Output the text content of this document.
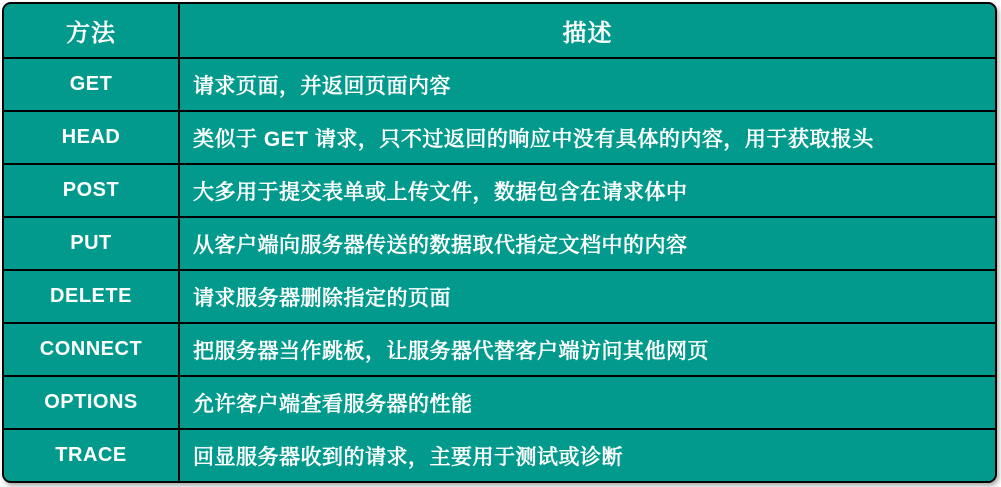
方法	描述
GET	请求页面，并返回页面内容
HEAD	类似于 GET 请求，只不过返回的响应中没有具体的内容，用于获取报头
POST	大多用于提交表单或上传文件，数据包含在请求体中
PUT	从客户端向服务器传送的数据取代指定文档中的内容
DELETE	请求服务器删除指定的页面
CONNECT	把服务器当作跳板，让服务器代替客户端访问其他网页
OPTIONS	允许客户端查看服务器的性能
TRACE	回显服务器收到的请求，主要用于测试或诊断
